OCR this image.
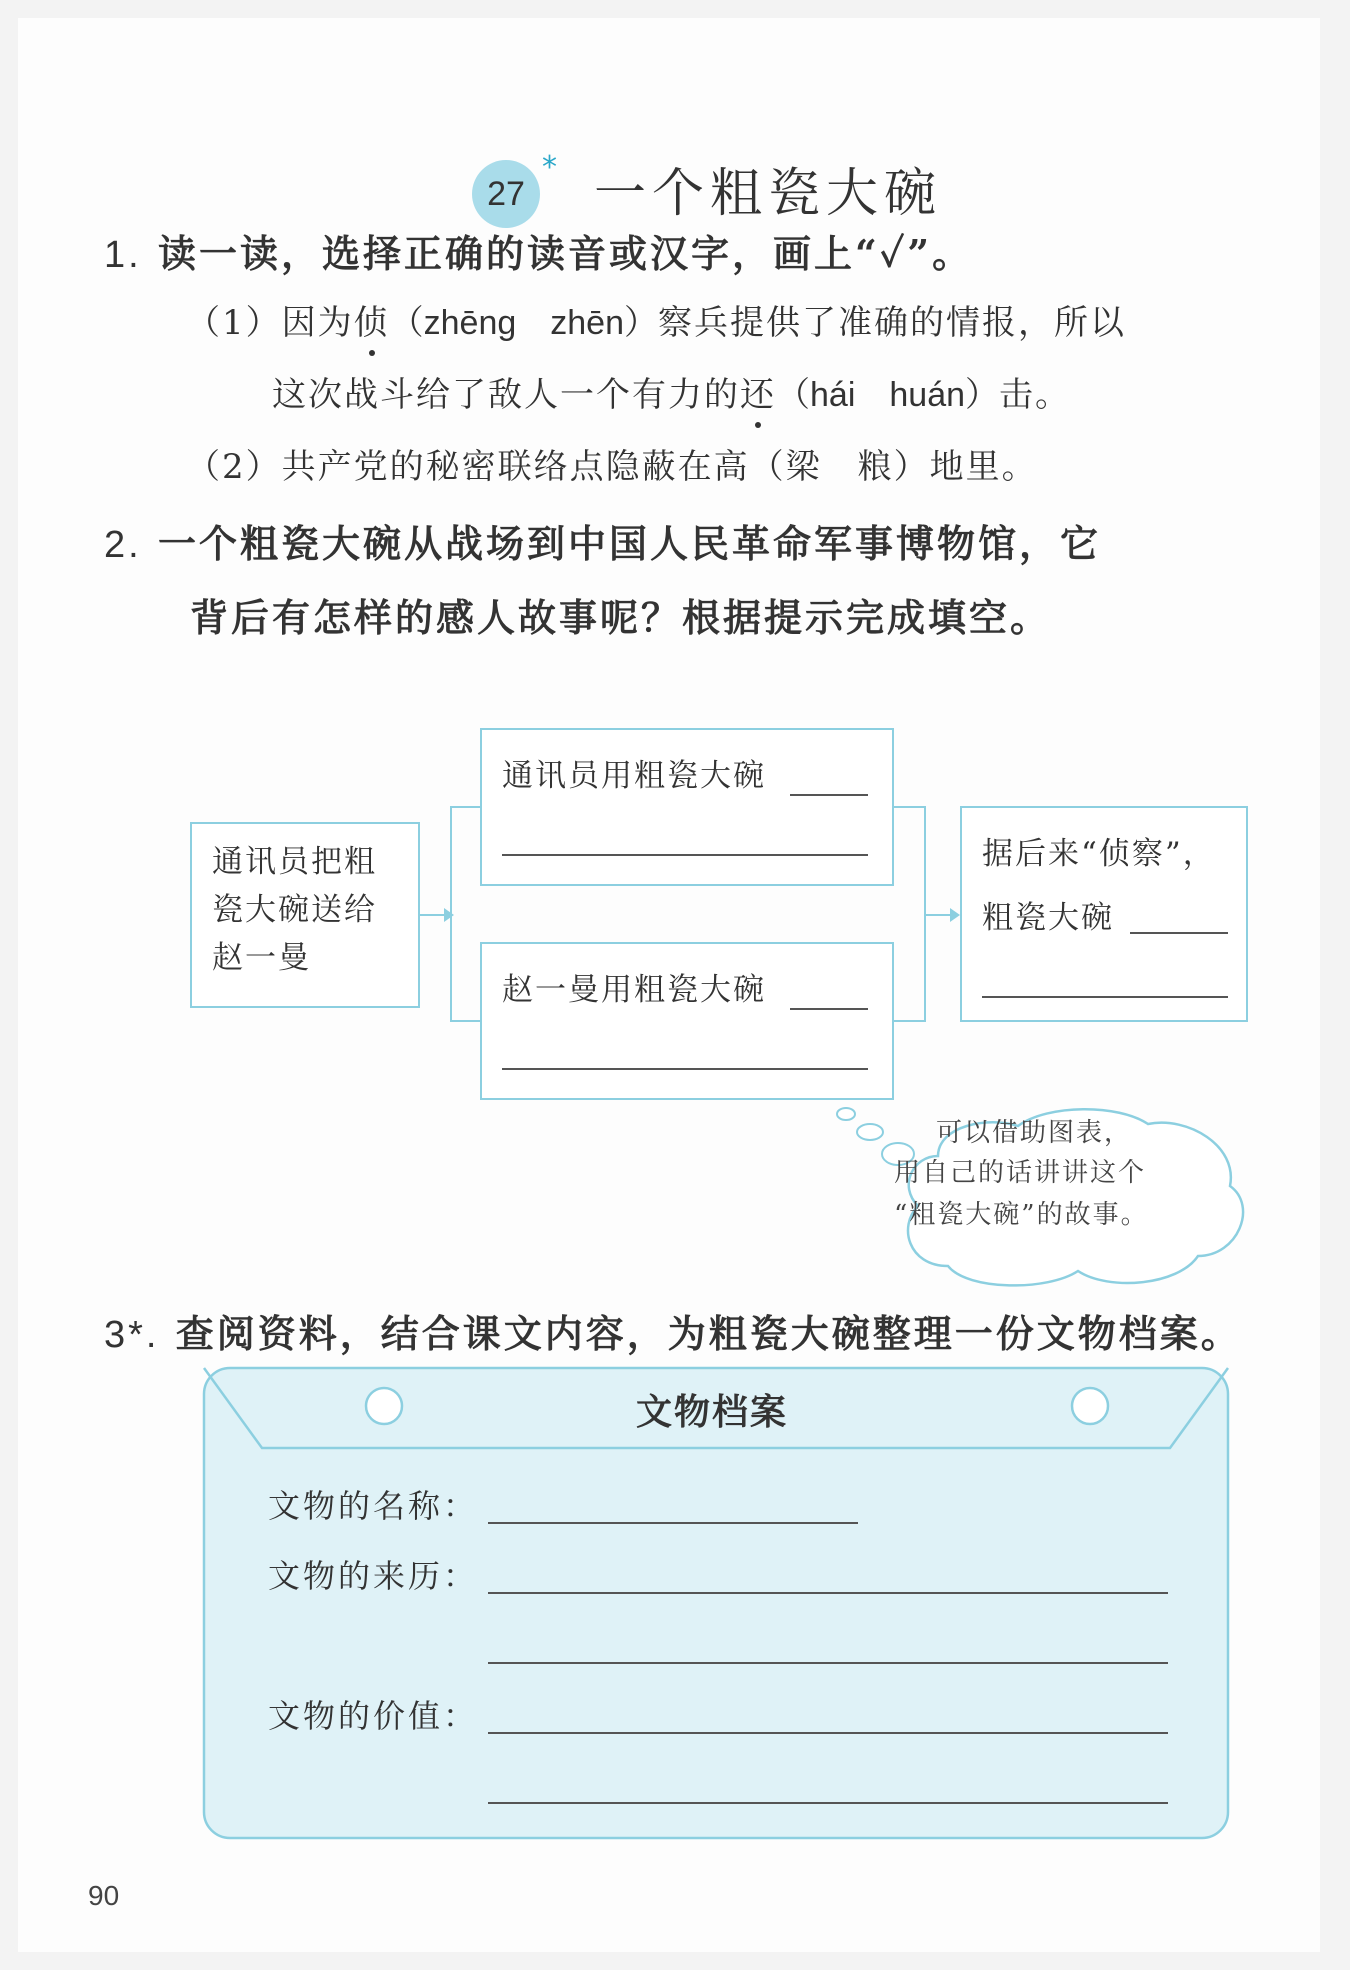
27
* 一个粗瓷大碗
1. 读一读，选择正确的读音或汉字，画上“✓”。
（1）因为侦（zhēng　zhēn）察兵提供了准确的情报，所以
这次战斗给了敌人一个有力的还（hái　huán）击。
（2）共产党的秘密联络点隐蔽在高（梁　粮）地里。
2. 一个粗瓷大碗从战场到中国人民革命军事博物馆，它
背后有怎样的感人故事呢？根据提示完成填空。
通讯员把粗
瓷大碗送给
赵一曼
通讯员用粗瓷大碗
赵一曼用粗瓷大碗
据后来“侦察”，
粗瓷大碗
可以借助图表，
用自己的话讲讲这个
“粗瓷大碗”的故事。
3*. 查阅资料，结合课文内容，为粗瓷大碗整理一份文物档案。
文物档案
文物的名称：
文物的来历：
文物的价值：
90
